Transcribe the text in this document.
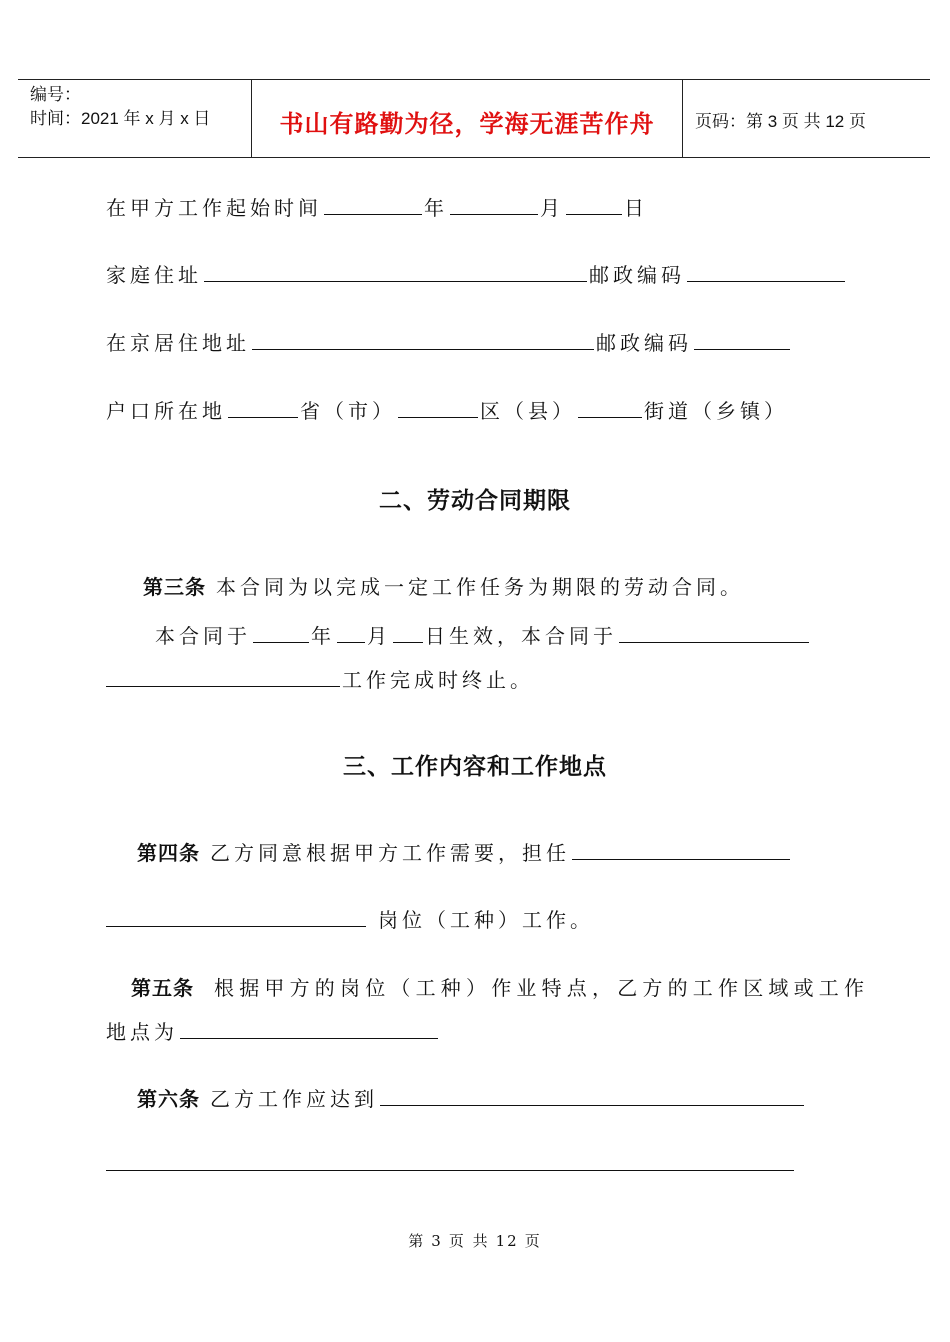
编号：
时间：2021 年 x 月 x 日	书山有路勤为径，学海无涯苦作舟	页码：第 3 页 共 12 页
在甲方工作起始时间	年	月	日
家庭住址	邮政编码
在京居住地址	邮政编码
户口所在地	省（市）	区（县）	街道（乡镇）
二、劳动合同期限
第三条 本合同为以完成一定工作任务为期限的劳动合同。
本合同于	年 月 日生效，本合同于
工作完成时终止。
三、工作内容和工作地点
第四条 乙方同意根据甲方工作需要，担任
岗位（工种）工作。
第五条 根据甲方的岗位（工种）作业特点，乙方的工作区域或工作
地点为
第六条 乙方工作应达到
第 3 页 共 12 页
